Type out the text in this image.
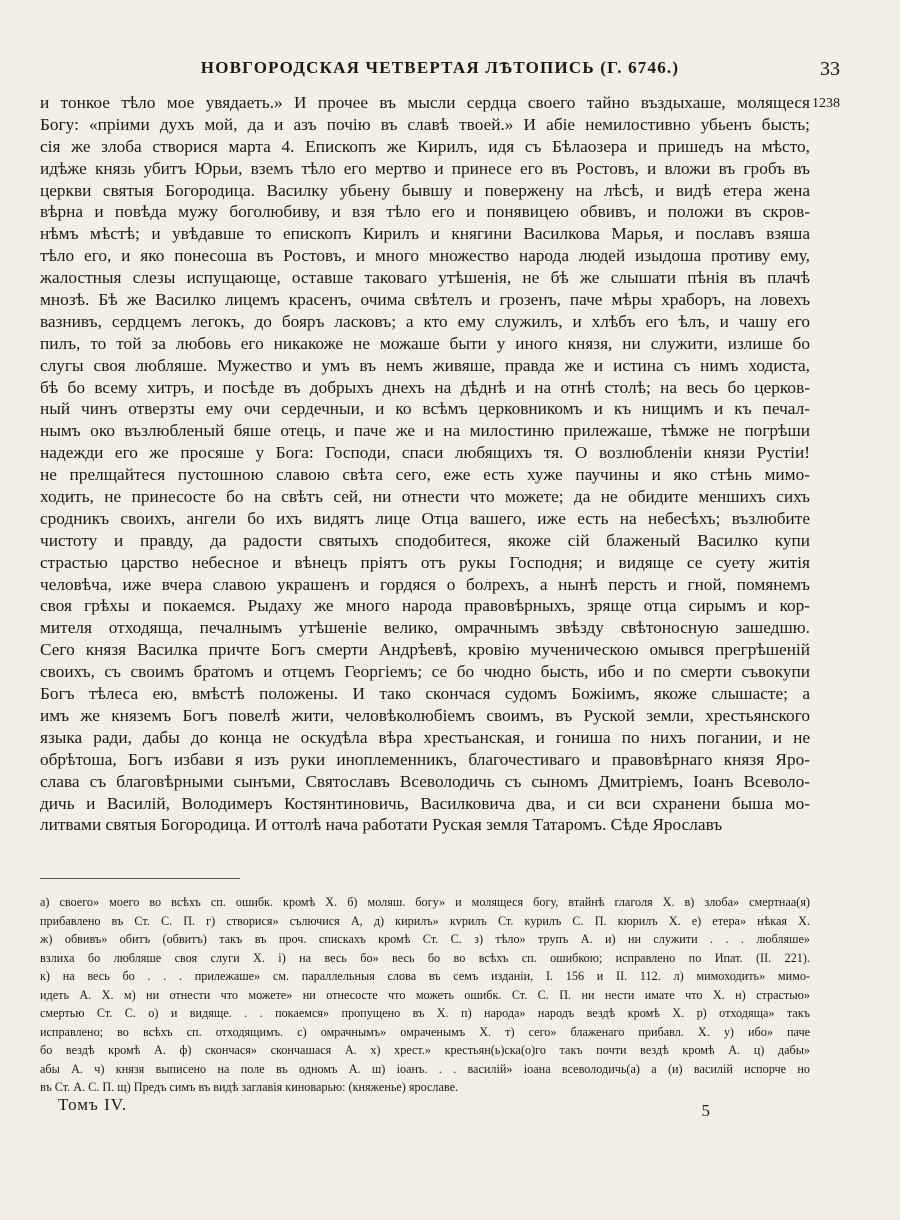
НОВГОРОДСКАЯ ЧЕТВЕРТАЯ ЛѢТОПИСЬ (Г. 6746.)	33
1238
и тонкое тѣло мое увядаеть.» И прочее въ мысли сердца своего тайно въздыхаше, молящеся
Богу: «пріими духъ мой, да и азъ почію въ славѣ твоей.» И абіе немилостивно убьенъ бысть;
сія же злоба створися марта 4. Епископъ же Кирилъ, идя съ Бѣлаозера и пришедъ на мѣсто,
идѣже князь убитъ Юрьи, вземъ тѣло его мертво и принесе его въ Ростовъ, и вложи въ гробъ въ
церкви святыя Богородица. Василку убьену бывшу и повержену на лѣсѣ, и видѣ етера жена
вѣрна и повѣда мужу боголюбиву, и взя тѣло его и понявицею обвивъ, и положи въ скров-
нѣмъ мѣстѣ; и увѣдавше то епископъ Кирилъ и княгини Василкова Марья, и пославъ взяша
тѣло его, и яко понесоша въ Ростовъ, и много множество народа людей изыдоша противу ему,
жалостныя слезы испущающе, оставше таковаго утѣшенія, не бѣ же слышати пѣнія въ плачѣ
мнозѣ. Бѣ же Василко лицемъ красенъ, очима свѣтелъ и грозенъ, паче мѣры храборъ, на ловехъ
вазнивъ, сердцемъ легокъ, до бояръ ласковъ; а кто ему служилъ, и хлѣбъ его ѣлъ, и чашу его
пилъ, то той за любовь его никакоже не можаше быти у иного князя, ни служити, излише бо
слугы своя любляше. Мужество и умъ въ немъ живяше, правда же и истина съ нимъ ходиста,
бѣ бо всему хитръ, и посѣде въ добрыхъ днехъ на дѣднѣ и на отнѣ столѣ; на весь бо церков-
ный чинъ отверзты ему очи сердечныи, и ко всѣмъ церковникомъ и къ нищимъ и къ печал-
нымъ око възлюбленый бяше отець, и паче же и на милостиню прилежаше, тѣмже не погрѣши
надежди его же просяше у Бога: Господи, спаси любящихъ тя. О возлюбленіи князи Рустіи!
не прелщайтеся пустошною славою свѣта сего, еже есть хуже паучины и яко стѣнь мимо-
ходить, не принесосте бо на свѣтъ сей, ни отнести что можете; да не обидите меншихъ сихъ
сродникъ своихъ, ангели бо ихъ видятъ лице Отца вашего, иже есть на небесѣхъ; възлюбите
чистоту и правду, да радости святыхъ сподобитеся, якоже сій блаженый Василко купи
страстью царство небесное и вѣнецъ пріятъ отъ рукы Господня; и видяще се суету житія
человѣча, иже вчера славою украшенъ и гордяся о болрехъ, а нынѣ персть и гной, помянемъ
своя грѣхы и покаемся. Рыдаху же много народа правовѣрныхъ, зряще отца сирымъ и кор-
мителя отходяща, печалнымъ утѣшеніе велико, омрачнымъ звѣзду свѣтоносную зашедшю.
Сего князя Василка причте Богъ смерти Андрѣевѣ, кровію мученическою омывся прегрѣшеній
своихъ, съ своимъ братомъ и отцемъ Георгіемъ; се бо чюдно бысть, ибо и по смерти съвокупи
Богъ тѣлеса ею, вмѣстѣ положены. И тако скончася судомъ Божіимъ, якоже слышасте; а
имъ же княземъ Богъ повелѣ жити, человѣколюбіемъ своимъ, въ Руской земли, хрестьянского
языка ради, дабы до конца не оскудѣла вѣра хрестьанская, и гониша по нихъ погании, и не
обрѣтоша, Богъ избави я изъ руки иноплеменникъ, благочестиваго и правовѣрнаго князя Яро-
слава съ благовѣрными сынъми, Святославъ Всеволодичь съ сыномъ Дмитріемъ, Іоанъ Всеволо-
дичь и Василій, Володимеръ Костянтиновичь, Василковича два, и си вси схранени быша мо-
литвами святыя Богородица. И оттолѣ нача работати Руская земля Татаромъ. Сѣде Ярославъ
а) своего» моего во всѣхъ сп. ошибк. кромѣ X. б) моляш. богу» и молящеся богу, втайнѣ глаголя X. в) злоба» смертнаа(я)
прибавлено въ Ст. С. П. г) створися» сълючися А, д) кирилъ» кvрилъ Ст. курилъ С. П. кюрилъ X. е) етера» нѣкая X.
ж) обвивъ» обитъ (обвитъ) такъ въ проч. спискахъ кромѣ Ст. С. з) тѣло» трупъ А. и) ни служити . . . любляше»
взлиха бо любляше своя слуги X. і) на весь бо» весь бо во всѣхъ сп. ошибкою; исправлено по Ипат. (II. 221).
к) на весь бо . . . прилежаше» см. параллельныя слова въ семъ изданіи, I. 156 и II. 112. л) мимоходить» мимо-
идеть А. X. м) ни отнести что можете» ни отнесосте что можеть ошибк. Ст. С. П. ни нести имате что X. н) страстью»
смертью Ст. С. о) и видяще. . . покаемся» пропущено въ X. п) народа» народъ вездѣ кромѣ X. р) отходяща» такъ
исправлено; во всѣхъ сп. отходящимъ. с) омрачнымъ» омраченымъ X. т) сего» блаженаго прибавл. X. у) ибо» паче
бо вездѣ кромѣ А. ф) скончася» скончашася А. х) хрест.» крестьян(ь)ска(о)го такъ почти вездѣ кромѣ А. ц) дабы»
абы А. ч) князя выписено на поле въ одномъ А. ш) іоанъ. . . василій» іоана всеволодичь(а) а (и) василій испорче но
въ Ст. А. С. П. щ) Предъ симъ въ видѣ заглавія киноварью: (княженье) ярославе.
Томъ IV.	5
